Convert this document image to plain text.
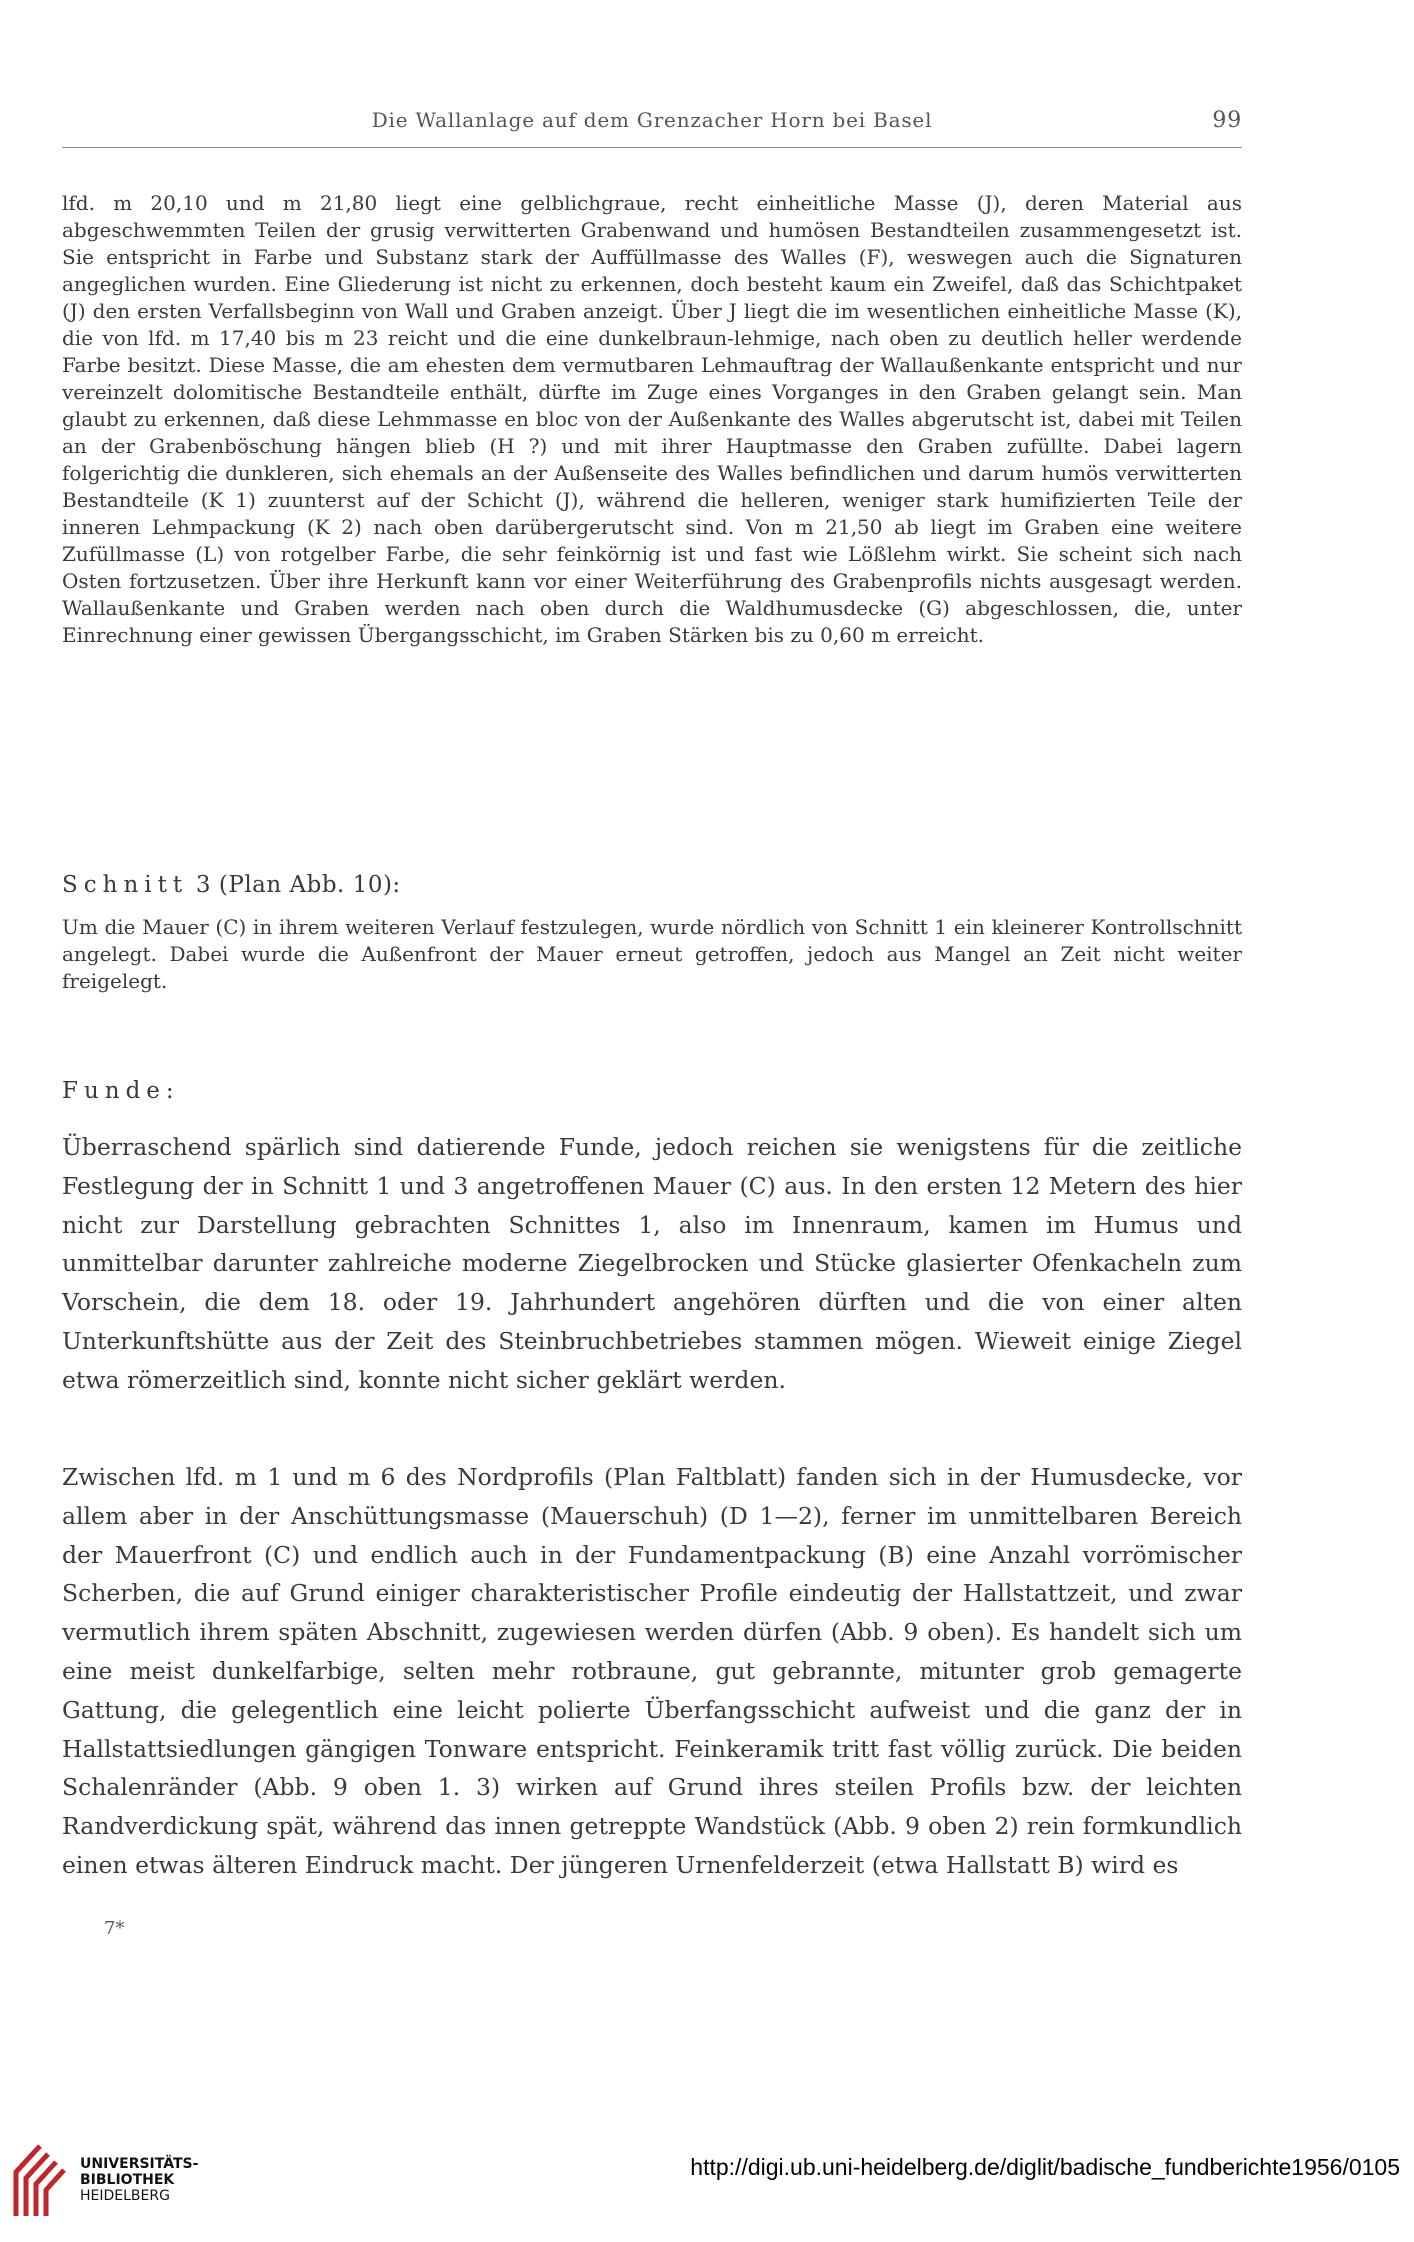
Die Wallanlage auf dem Grenzacher Horn bei Basel	99

lfd. m 20,10 und m 21,80 liegt eine gelblichgraue, recht einheitliche Masse (J), deren Material aus abgeschwemmten Teilen der grusig verwitterten Grabenwand und humösen Bestandteilen zusammengesetzt ist. Sie entspricht in Farbe und Substanz stark der Auffüllmasse des Walles (F), weswegen auch die Signaturen angeglichen wurden. Eine Gliederung ist nicht zu erkennen, doch besteht kaum ein Zweifel, daß das Schichtpaket (J) den ersten Verfallsbeginn von Wall und Graben anzeigt. Über J liegt die im wesentlichen einheitliche Masse (K), die von lfd. m 17,40 bis m 23 reicht und die eine dunkelbraun-lehmige, nach oben zu deutlich heller werdende Farbe besitzt. Diese Masse, die am ehesten dem vermutbaren Lehmauftrag der Wallaußenkante entspricht und nur vereinzelt dolomitische Bestandteile enthält, dürfte im Zuge eines Vorganges in den Graben gelangt sein. Man glaubt zu erkennen, daß diese Lehmmasse en bloc von der Außenkante des Walles abgerutscht ist, dabei mit Teilen an der Grabenböschung hängen blieb (H ?) und mit ihrer Hauptmasse den Graben zufüllte. Dabei lagern folgerichtig die dunkleren, sich ehemals an der Außenseite des Walles befindlichen und darum humös verwitterten Bestandteile (K 1) zuunterst auf der Schicht (J), während die helleren, weniger stark humifizierten Teile der inneren Lehmpackung (K 2) nach oben darübergerutscht sind. Von m 21,50 ab liegt im Graben eine weitere Zufüllmasse (L) von rotgelber Farbe, die sehr feinkörnig ist und fast wie Lößlehm wirkt. Sie scheint sich nach Osten fortzusetzen. Über ihre Herkunft kann vor einer Weiterführung des Grabenprofils nichts ausgesagt werden. Wallaußenkante und Graben werden nach oben durch die Waldhumusdecke (G) abgeschlossen, die, unter Einrechnung einer gewissen Übergangsschicht, im Graben Stärken bis zu 0,60 m erreicht.

Schnitt 3 (Plan Abb. 10):

Um die Mauer (C) in ihrem weiteren Verlauf festzulegen, wurde nördlich von Schnitt 1 ein kleinerer Kontrollschnitt angelegt. Dabei wurde die Außenfront der Mauer erneut getroffen, jedoch aus Mangel an Zeit nicht weiter freigelegt.

Funde:

Überraschend spärlich sind datierende Funde, jedoch reichen sie wenigstens für die zeitliche Festlegung der in Schnitt 1 und 3 angetroffenen Mauer (C) aus. In den ersten 12 Metern des hier nicht zur Darstellung gebrachten Schnittes 1, also im Innenraum, kamen im Humus und unmittelbar darunter zahlreiche moderne Ziegelbrocken und Stücke glasierter Ofenkacheln zum Vorschein, die dem 18. oder 19. Jahrhundert angehören dürften und die von einer alten Unterkunftshütte aus der Zeit des Steinbruchbetriebes stammen mögen. Wieweit einige Ziegel etwa römerzeitlich sind, konnte nicht sicher geklärt werden.

Zwischen lfd. m 1 und m 6 des Nordprofils (Plan Faltblatt) fanden sich in der Humusdecke, vor allem aber in der Anschüttungsmasse (Mauerschuh) (D 1—2), ferner im unmittelbaren Bereich der Mauerfront (C) und endlich auch in der Fundamentpackung (B) eine Anzahl vorrömischer Scherben, die auf Grund einiger charakteristischer Profile eindeutig der Hallstattzeit, und zwar vermutlich ihrem späten Abschnitt, zugewiesen werden dürfen (Abb. 9 oben). Es handelt sich um eine meist dunkelfarbige, selten mehr rotbraune, gut gebrannte, mitunter grob gemagerte Gattung, die gelegentlich eine leicht polierte Überfangsschicht aufweist und die ganz der in Hallstattsiedlungen gängigen Tonware entspricht. Feinkeramik tritt fast völlig zurück. Die beiden Schalenränder (Abb. 9 oben 1. 3) wirken auf Grund ihres steilen Profils bzw. der leichten Randverdickung spät, während das innen getreppte Wandstück (Abb. 9 oben 2) rein formkundlich einen etwas älteren Eindruck macht. Der jüngeren Urnenfelderzeit (etwa Hallstatt B) wird es

7*
UNIVERSITÄTS-
BIBLIOTHEK
HEIDELBERG
http://digi.ub.uni-heidelberg.de/diglit/badische_fundberichte1956/0105
